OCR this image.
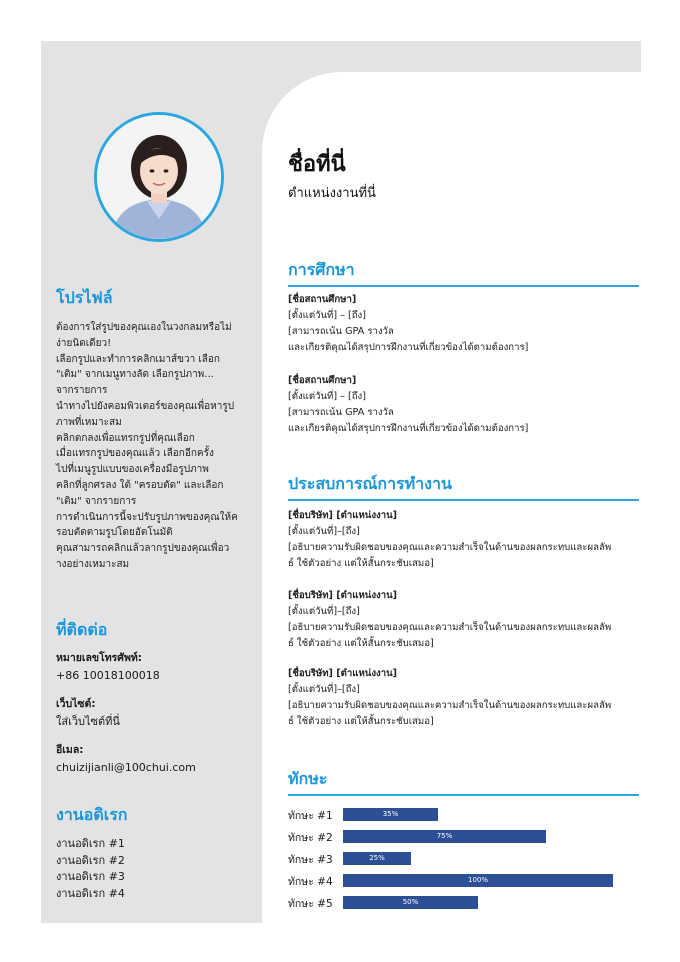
โปรไฟล์

ต้องการใส่รูปของคุณเองในวงกลมหรือไม่

ง่ายนิดเดียว!

เลือกรูปและทำการคลิกเมาส์ขวา เลือก

"เติม" จากเมนูทางลัด เลือกรูปภาพ...

จากรายการ

นำทางไปยังคอมพิวเตอร์ของคุณเพื่อหารูป

ภาพที่เหมาะสม

คลิกตกลงเพื่อแทรกรูปที่คุณเลือก

เมื่อแทรกรูปของคุณแล้ว เลือกอีกครั้ง

ไปที่เมนูรูปแบบของเครื่องมือรูปภาพ

คลิกที่ลูกศรลง ใต้ "ครอบตัด" และเลือก

"เติม" จากรายการ

การดำเนินการนี้จะปรับรูปภาพของคุณให้ค

รอบตัดตามรูปโดยอัตโนมัติ

คุณสามารถคลิกแล้วลากรูปของคุณเพื่อว

างอย่างเหมาะสม

ที่ติดต่อ

หมายเลขโทรศัพท์:

+86 10018100018

เว็บไซต์:

ใส่เว็บไซต์ที่นี่

อีเมล:

chuizijianli@100chui.com

งานอดิเรก
งานอดิเรก #1
งานอดิเรก #2
งานอดิเรก #3
งานอดิเรก #4
ชื่อที่นี่
ตำแหน่งงานที่นี่
การศึกษา
[ชื่อสถานศึกษา]
[ตั้งแต่วันที่] – [ถึง]
[สามารถเน้น GPA รางวัล
และเกียรติคุณได้สรุปการฝึกงานที่เกี่ยวข้องได้ตามต้องการ]
[ชื่อสถานศึกษา]
[ตั้งแต่วันที่] – [ถึง]
[สามารถเน้น GPA รางวัล
และเกียรติคุณได้สรุปการฝึกงานที่เกี่ยวข้องได้ตามต้องการ]
ประสบการณ์การทำงาน
[ชื่อบริษัท] [ตำแหน่งงาน]
[ตั้งแต่วันที่]–[ถึง]
[อธิบายความรับผิดชอบของคุณและความสำเร็จในด้านของผลกระทบและผลลัพ
ธ์ ใช้ตัวอย่าง แต่ให้สั้นกระชับเสมอ]
[ชื่อบริษัท] [ตำแหน่งงาน]
[ตั้งแต่วันที่]–[ถึง]
[อธิบายความรับผิดชอบของคุณและความสำเร็จในด้านของผลกระทบและผลลัพ
ธ์ ใช้ตัวอย่าง แต่ให้สั้นกระชับเสมอ]
[ชื่อบริษัท] [ตำแหน่งงาน]
[ตั้งแต่วันที่]–[ถึง]
[อธิบายความรับผิดชอบของคุณและความสำเร็จในด้านของผลกระทบและผลลัพ
ธ์ ใช้ตัวอย่าง แต่ให้สั้นกระชับเสมอ]
ทักษะ
ทักษะ #1	35%
ทักษะ #2	75%
ทักษะ #3	25%
ทักษะ #4	100%
ทักษะ #5	50%
